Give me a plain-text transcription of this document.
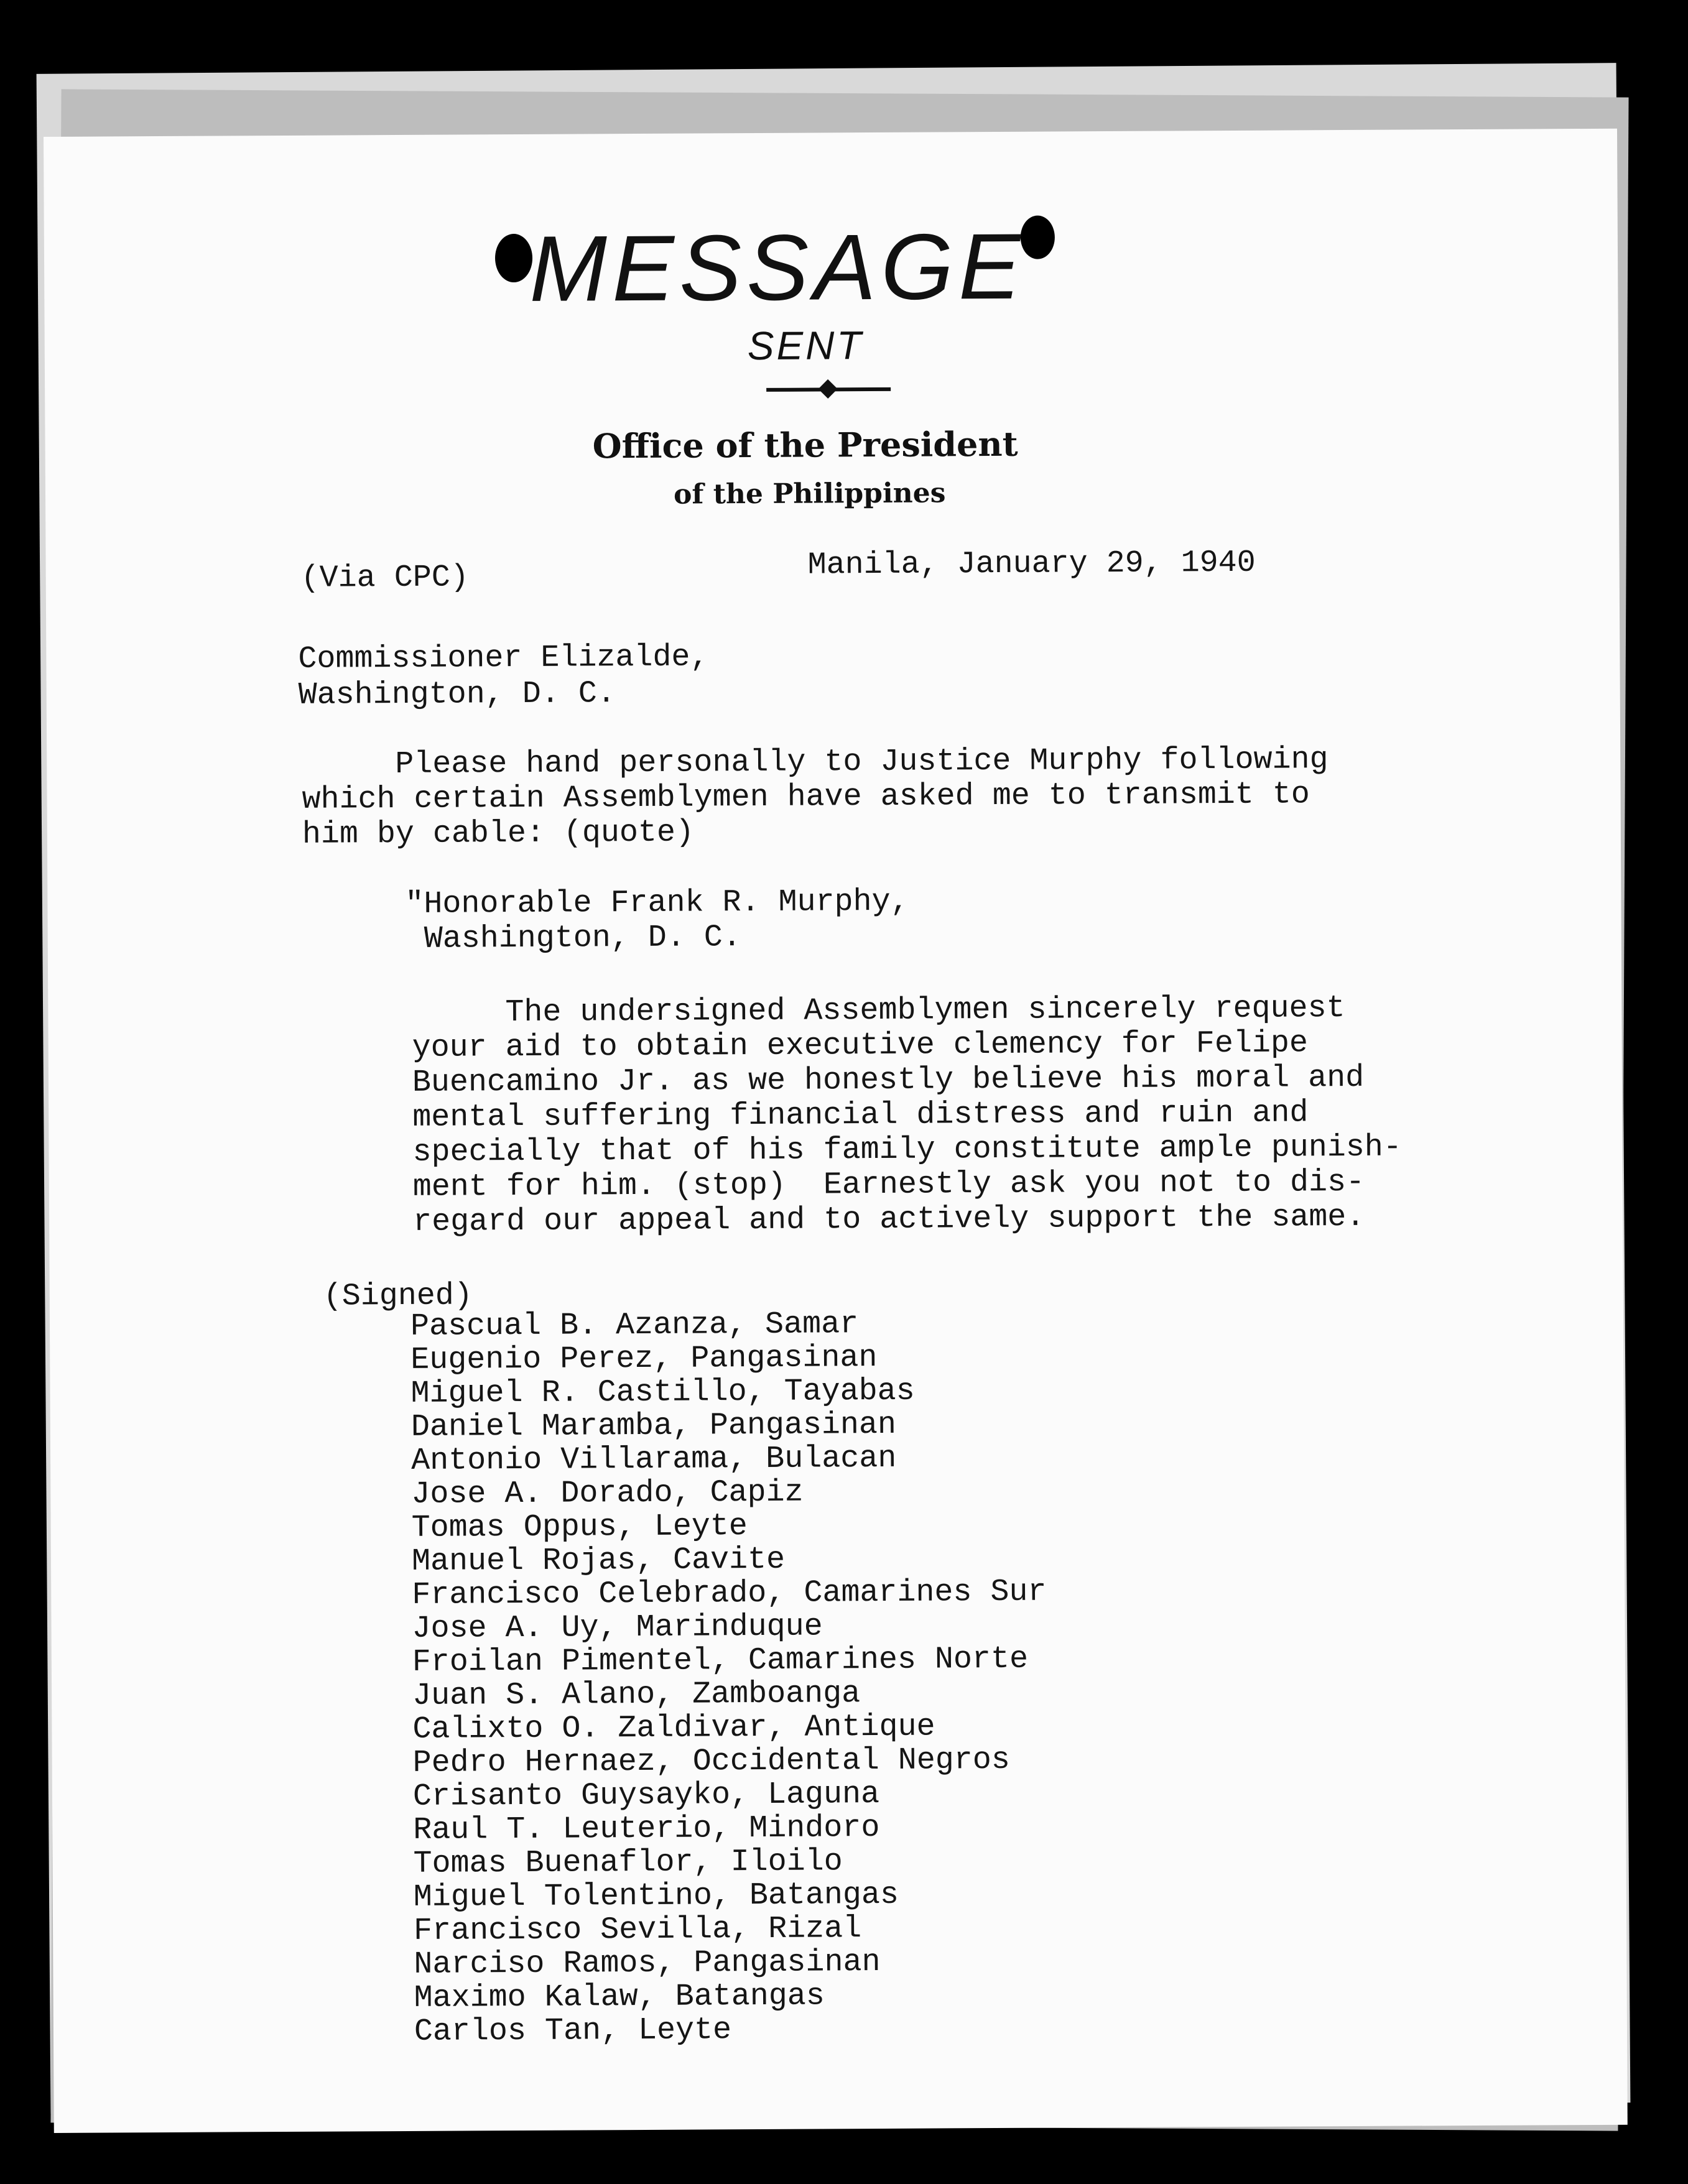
MESSAGE
SENT
Office of the President
of the Philippines

(Via CPC)	Manila, January 29, 1940

Commissioner Elizalde,

Washington, D. C.

Please hand personally to Justice Murphy following

which certain Assemblymen have asked me to transmit to

him by cable: (quote)

"Honorable Frank R. Murphy,

Washington, D. C.

The undersigned Assemblymen sincerely request

your aid to obtain executive clemency for Felipe

Buencamino Jr. as we honestly believe his moral and

mental suffering financial distress and ruin and

specially that of his family constitute ample punish-

ment for him. (stop)  Earnestly ask you not to dis-

regard our appeal and to actively support the same.

(Signed)

Pascual B. Azanza, Samar
Eugenio Perez, Pangasinan
Miguel R. Castillo, Tayabas
Daniel Maramba, Pangasinan
Antonio Villarama, Bulacan
Jose A. Dorado, Capiz
Tomas Oppus, Leyte
Manuel Rojas, Cavite
Francisco Celebrado, Camarines Sur
Jose A. Uy, Marinduque
Froilan Pimentel, Camarines Norte
Juan S. Alano, Zamboanga
Calixto O. Zaldivar, Antique
Pedro Hernaez, Occidental Negros
Crisanto Guysayko, Laguna
Raul T. Leuterio, Mindoro
Tomas Buenaflor, Iloilo
Miguel Tolentino, Batangas
Francisco Sevilla, Rizal
Narciso Ramos, Pangasinan
Maximo Kalaw, Batangas
Carlos Tan, Leyte
